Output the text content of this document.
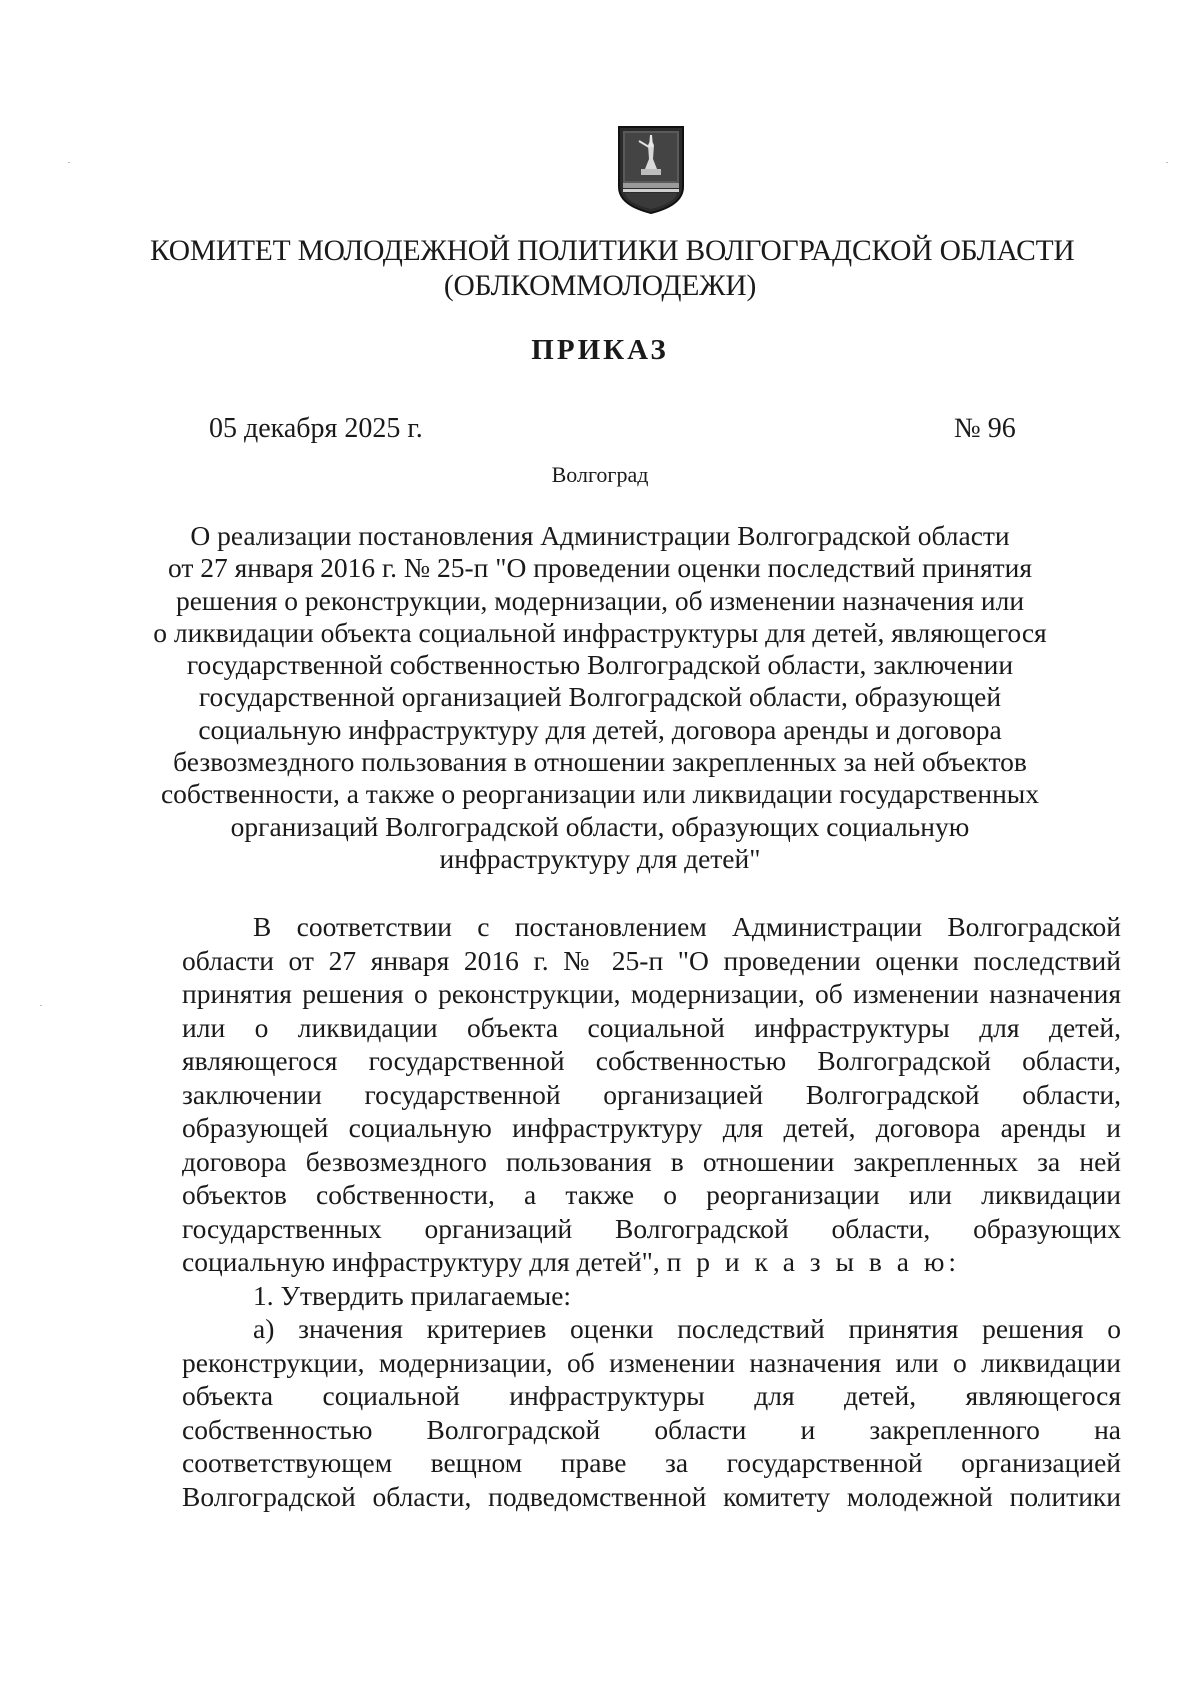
КОМИТЕТ МОЛОДЕЖНОЙ ПОЛИТИКИ ВОЛГОГРАДСКОЙ ОБЛАСТИ
(ОБЛКОММОЛОДЕЖИ)
ПРИКАЗ
05 декабря 2025 г.	№ 96
Волгоград
О реализации постановления Администрации Волгоградской области
от 27 января 2016 г. № 25-п "О проведении оценки последствий принятия
решения о реконструкции, модернизации, об изменении назначения или
о ликвидации объекта социальной инфраструктуры для детей, являющегося
государственной собственностью Волгоградской области, заключении
государственной организацией Волгоградской области, образующей
социальную инфраструктуру для детей, договора аренды и договора
безвозмездного пользования в отношении закрепленных за ней объектов
собственности, а также о реорганизации или ликвидации государственных
организаций Волгоградской области, образующих социальную
инфраструктуру для детей"
В соответствии с постановлением Администрации Волгоградской
области от 27 января 2016 г. № 25-п "О проведении оценки последствий
принятия решения о реконструкции, модернизации, об изменении назначения
или о ликвидации объекта социальной инфраструктуры для детей,
являющегося государственной собственностью Волгоградской области,
заключении государственной организацией Волгоградской области,
образующей социальную инфраструктуру для детей, договора аренды и
договора безвозмездного пользования в отношении закрепленных за ней
объектов собственности, а также о реорганизации или ликвидации
государственных организаций Волгоградской области, образующих
социальную инфраструктуру для детей", п р и к а з ы в а ю:
1. Утвердить прилагаемые:
а) значения критериев оценки последствий принятия решения о
реконструкции, модернизации, об изменении назначения или о ликвидации
объекта социальной инфраструктуры для детей, являющегося
собственностью Волгоградской области и закрепленного на
соответствующем вещном праве за государственной организацией
Волгоградской области, подведомственной комитету молодежной политики
